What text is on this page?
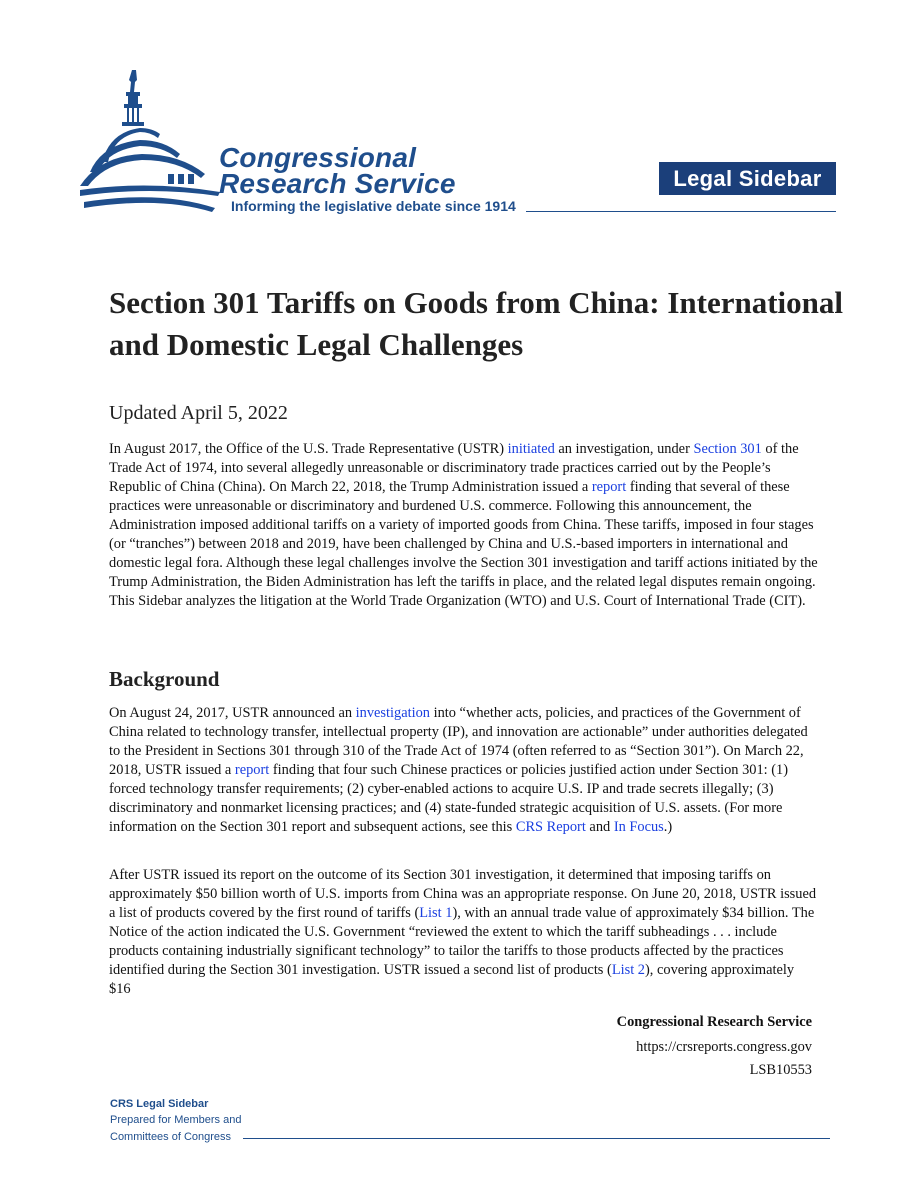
Congressional
Research Service
Informing the legislative debate since 1914
Legal Sidebar
Section 301 Tariffs on Goods from China: International and Domestic Legal Challenges
Updated April 5, 2022

In August 2017, the Office of the U.S. Trade Representative (USTR) initiated an investigation, under Section 301 of the Trade Act of 1974, into several allegedly unreasonable or discriminatory trade practices carried out by the People’s Republic of China (China). On March 22, 2018, the Trump Administration issued a report finding that several of these practices were unreasonable or discriminatory and burdened U.S. commerce. Following this announcement, the Administration imposed additional tariffs on a variety of imported goods from China. These tariffs, imposed in four stages (or “tranches”) between 2018 and 2019, have been challenged by China and U.S.-based importers in international and domestic legal fora. Although these legal challenges involve the Section 301 investigation and tariff actions initiated by the Trump Administration, the Biden Administration has left the tariffs in place, and the related legal disputes remain ongoing. This Sidebar analyzes the litigation at the World Trade Organization (WTO) and U.S. Court of International Trade (CIT).

Background

On August 24, 2017, USTR announced an investigation into “whether acts, policies, and practices of the Government of China related to technology transfer, intellectual property (IP), and innovation are actionable” under authorities delegated to the President in Sections 301 through 310 of the Trade Act of 1974 (often referred to as “Section 301”). On March 22, 2018, USTR issued a report finding that four such Chinese practices or policies justified action under Section 301: (1) forced technology transfer requirements; (2) cyber-enabled actions to acquire U.S. IP and trade secrets illegally; (3) discriminatory and nonmarket licensing practices; and (4) state-funded strategic acquisition of U.S. assets. (For more information on the Section 301 report and subsequent actions, see this CRS Report and In Focus.)

After USTR issued its report on the outcome of its Section 301 investigation, it determined that imposing tariffs on approximately $50 billion worth of U.S. imports from China was an appropriate response. On June 20, 2018, USTR issued a list of products covered by the first round of tariffs (List 1), with an annual trade value of approximately $34 billion. The Notice of the action indicated the U.S. Government “reviewed the extent to which the tariff subheadings . . . include products containing industrially significant technology” to tailor the tariffs to those products affected by the practices identified during the Section 301 investigation. USTR issued a second list of products (List 2), covering approximately $16

Congressional Research Service
https://crsreports.congress.gov
LSB10553
CRS Legal Sidebar
Prepared for Members and
Committees of Congress
